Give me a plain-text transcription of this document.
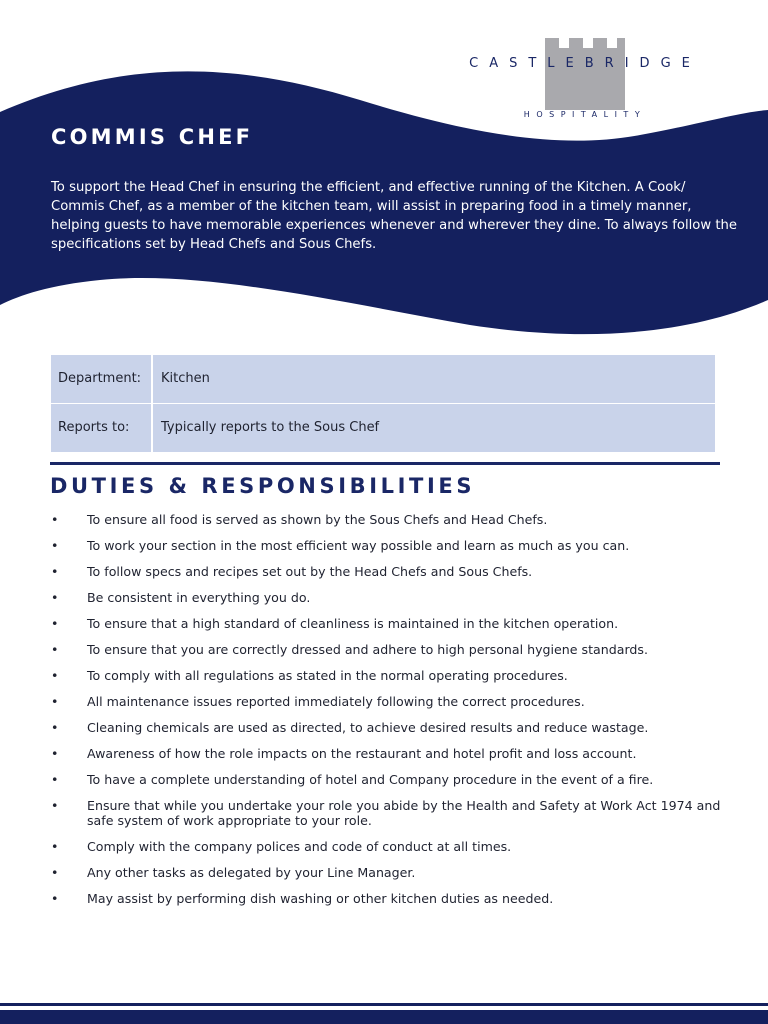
CASTLEBRIDGE
HOSPITALITY
COMMIS CHEF

To support the Head Chef in ensuring the efficient, and effective running of the Kitchen. A Cook/ Commis Chef, as a member of the kitchen team, will assist in preparing food in a timely manner, helping guests to have memorable experiences whenever and wherever they dine. To always follow the specifications set by Head Chefs and Sous Chefs.

Department:	Kitchen
Reports to:	Typically reports to the Sous Chef
DUTIES & RESPONSIBILITIES
• To ensure all food is served as shown by the Sous Chefs and Head Chefs.
• To work your section in the most efficient way possible and learn as much as you can.
• To follow specs and recipes set out by the Head Chefs and Sous Chefs.
• Be consistent in everything you do.
• To ensure that a high standard of cleanliness is maintained in the kitchen operation.
• To ensure that you are correctly dressed and adhere to high personal hygiene standards.
• To comply with all regulations as stated in the normal operating procedures.
• All maintenance issues reported immediately following the correct procedures.
• Cleaning chemicals are used as directed, to achieve desired results and reduce wastage.
• Awareness of how the role impacts on the restaurant and hotel profit and loss account.
• To have a complete understanding of hotel and Company procedure in the event of a fire.
• Ensure that while you undertake your role you abide by the Health and Safety at Work Act 1974 and safe system of work appropriate to your role.
• Comply with the company polices and code of conduct at all times.
• Any other tasks as delegated by your Line Manager.
• May assist by performing dish washing or other kitchen duties as needed.
